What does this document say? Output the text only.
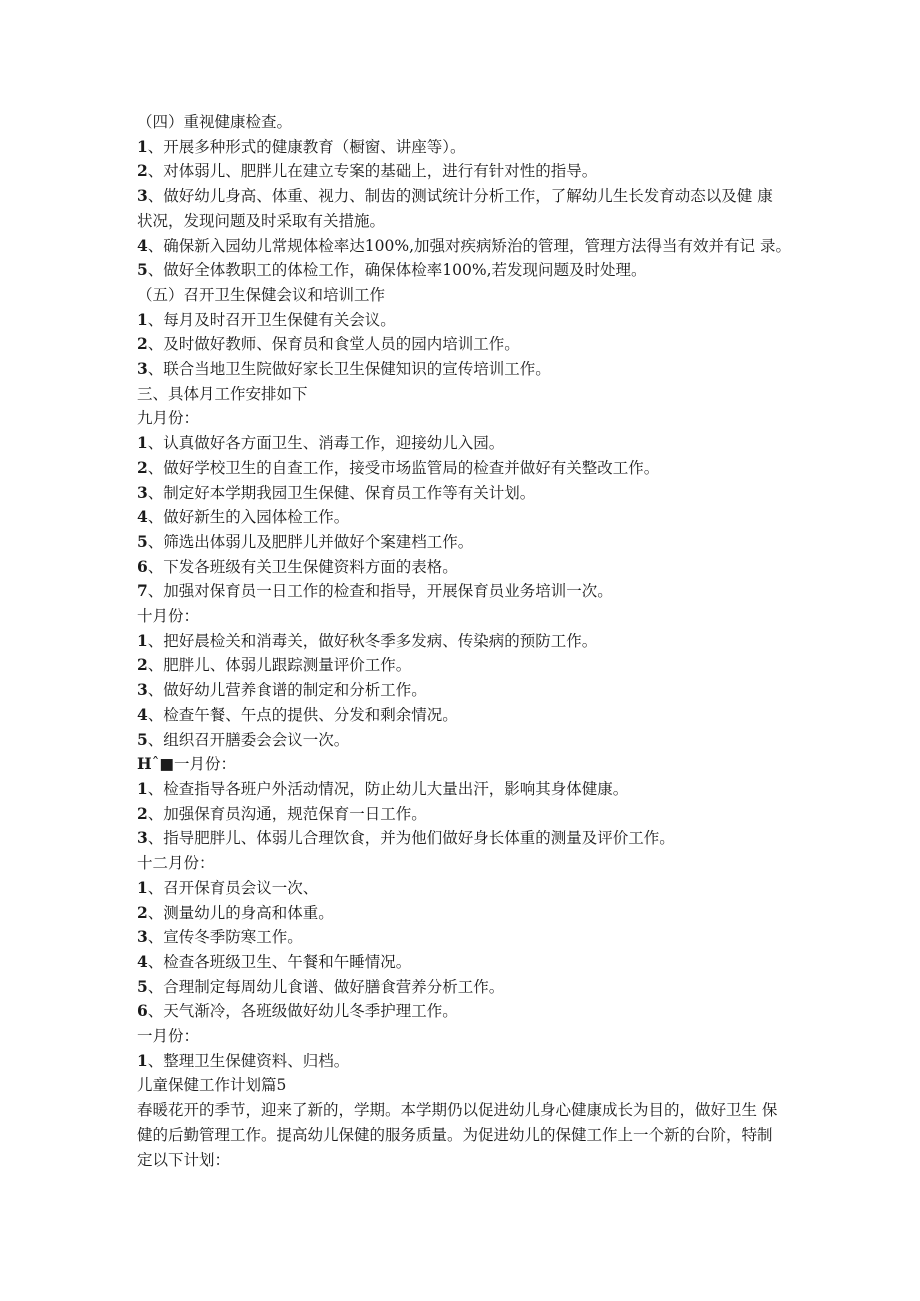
（四）重视健康检查。

1、开展多种形式的健康教育（橱窗、讲座等）。

2、对体弱儿、肥胖儿在建立专案的基础上，进行有针对性的指导。

3、做好幼儿身高、体重、视力、制齿的测试统计分析工作，了解幼儿生长发育动态以及健 康

状况，发现问题及时采取有关措施。

4、确保新入园幼儿常规体检率达100%,加强对疾病矫治的管理，管理方法得当有效并有记 录。

5、做好全体教职工的体检工作，确保体检率100%,若发现问题及时处理。

（五）召开卫生保健会议和培训工作

1、每月及时召开卫生保健有关会议。

2、及时做好教师、保育员和食堂人员的园内培训工作。

3、联合当地卫生院做好家长卫生保健知识的宣传培训工作。

三、具体月工作安排如下

九月份：

1、认真做好各方面卫生、消毒工作，迎接幼儿入园。

2、做好学校卫生的自查工作，接受市场监管局的检查并做好有关整改工作。

3、制定好本学期我园卫生保健、保育员工作等有关计划。

4、做好新生的入园体检工作。

5、筛选出体弱儿及肥胖儿并做好个案建档工作。

6、下发各班级有关卫生保健资料方面的表格。

7、加强对保育员一日工作的检查和指导，开展保育员业务培训一次。

十月份：

1、把好晨检关和消毒关，做好秋冬季多发病、传染病的预防工作。

2、肥胖儿、体弱儿跟踪测量评价工作。

3、做好幼儿营养食谱的制定和分析工作。

4、检查午餐、午点的提供、分发和剩余情况。

5、组织召开膳委会会议一次。

Hˆ■一月份：

1、检查指导各班户外活动情况，防止幼儿大量出汗，影响其身体健康。

2、加强保育员沟通，规范保育一日工作。

3、指导肥胖儿、体弱儿合理饮食，并为他们做好身长体重的测量及评价工作。

十二月份：

1、召开保育员会议一次、

2、测量幼儿的身高和体重。

3、宣传冬季防寒工作。

4、检查各班级卫生、午餐和午睡情况。

5、合理制定每周幼儿食谱、做好膳食营养分析工作。

6、天气渐冷，各班级做好幼儿冬季护理工作。

一月份：

1、整理卫生保健资料、归档。

儿童保健工作计划篇5

春暖花开的季节，迎来了新的，学期。本学期仍以促进幼儿身心健康成长为目的，做好卫生 保

健的后勤管理工作。提高幼儿保健的服务质量。为促进幼儿的保健工作上一个新的台阶，特制

定以下计划：
